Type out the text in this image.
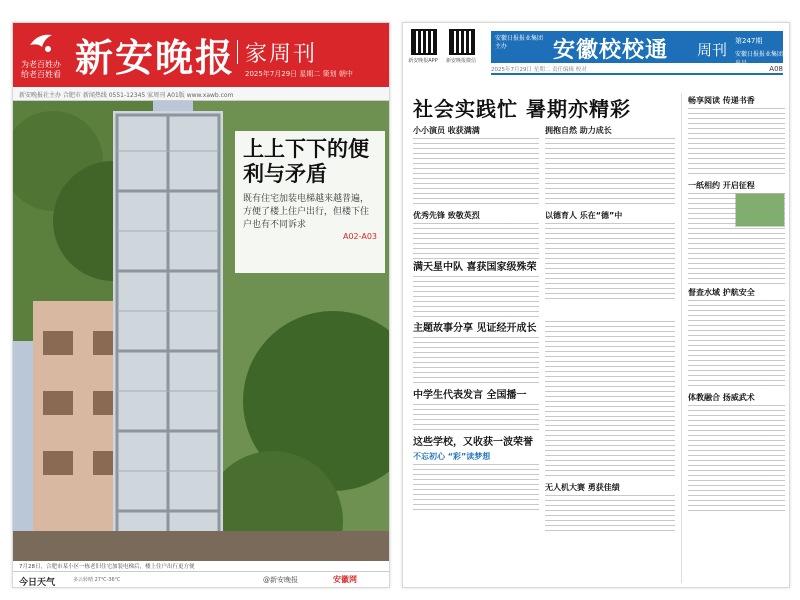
为老百姓办
给老百姓看 新安晚报 家周刊
2025年7月29日 星期二 策划 朝中
新安晚报社主办 合肥市 新闻热线 0551-12345 家周刊 A01版 www.xawb.com
上上下下的便利与矛盾
既有住宅加装电梯越来越普遍，方便了楼上住户出行，但楼下住户也有不同诉求
A02-A03
7月28日，合肥市某小区一栋老旧住宅加装电梯后，楼上住户出行更方便
今日天气	多云转晴 27℃-36℃	@新安晚报	安徽网
新安晚报APP 新安晚报微信
安徽日报报业集团 主办	安徽校校通 周刊 第247期
安徽日报报业集团出品
2025年7月29日 星期二 责任编辑 校对	A08
社会实践忙 暑期亦精彩
小小演员 收获满满
优秀先锋 致敬英烈
满天星中队 喜获国家级殊荣
主题故事分享 见证经开成长
中学生代表发言 全国播一
这些学校，又收获一波荣誉
不忘初心 “彩”读梦想
拥抱自然 助力成长
以德育人 乐在“德”中
无人机大赛 勇获佳绩
畅享阅读 传递书香
一纸相约 开启征程
督查水域 护航安全
体教融合 扬威武术
